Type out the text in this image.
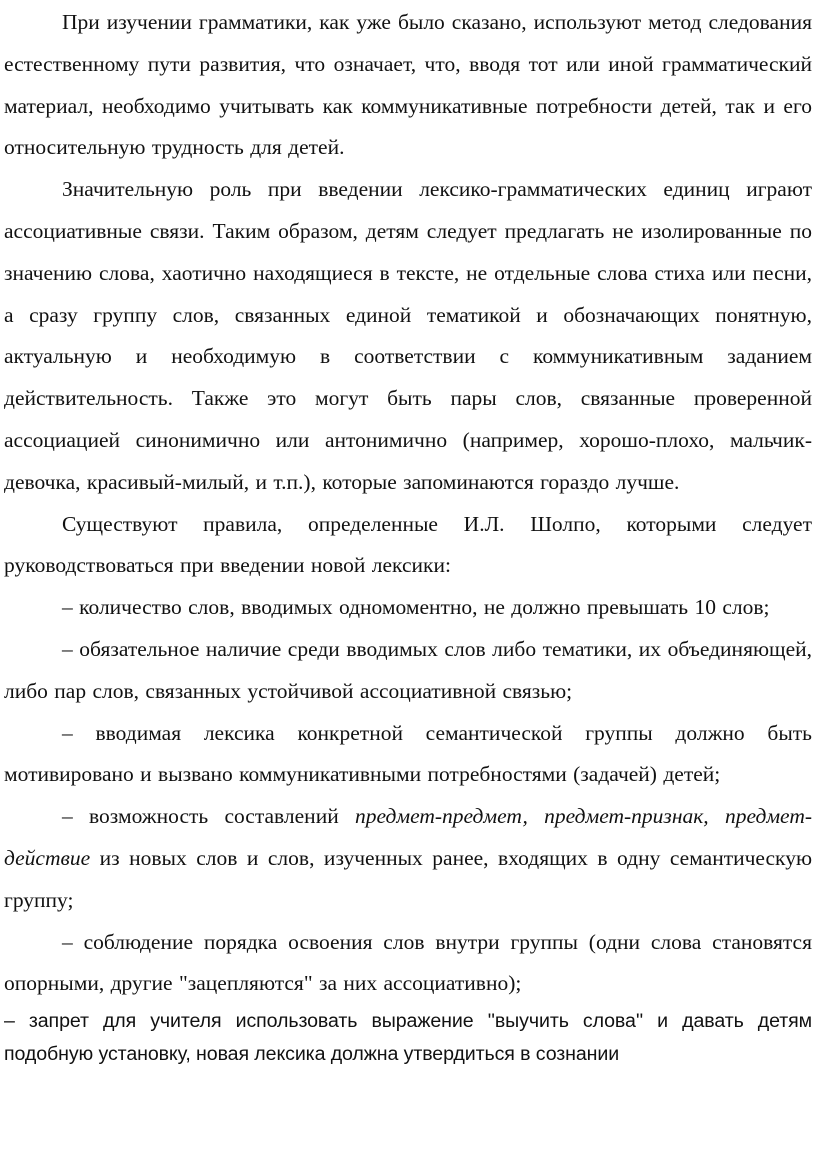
При изучении грамматики, как уже было сказано, используют метод следования естественному пути развития, что означает, что, вводя тот или иной грамматический материал, необходимо учитывать как коммуникативные потребности детей, так и его относительную трудность для детей.

Значительную роль при введении лексико-грамматических единиц играют ассоциативные связи. Таким образом, детям следует предлагать не изолированные по значению слова, хаотично находящиеся в тексте, не отдельные слова стиха или песни, а сразу группу слов, связанных единой тематикой и обозначающих понятную, актуальную и необходимую в соответствии с коммуникативным заданием действительность. Также это могут быть пары слов, связанные проверенной ассоциацией синонимично или антонимично (например, хорошо-плохо, мальчик-девочка, красивый-милый, и т.п.), которые запоминаются гораздо лучше.

Существуют правила, определенные И.Л. Шолпо, которыми следует руководствоваться при введении новой лексики:

– количество слов, вводимых одномоментно, не должно превышать 10 слов;

– обязательное наличие среди вводимых слов либо тематики, их объединяющей, либо пар слов, связанных устойчивой ассоциативной связью;

– вводимая лексика конкретной семантической группы должно быть мотивировано и вызвано коммуникативными потребностями (задачей) детей;

– возможность составлений предмет-предмет, предмет-признак, предмет-действие из новых слов и слов, изученных ранее, входящих в одну семантическую группу;

– соблюдение порядка освоения слов внутри группы (одни слова становятся опорными, другие "зацепляются" за них ассоциативно);

– запрет для учителя использовать выражение ''выучить слова'' и давать детям подобную установку, новая лексика должна утвердиться в сознании
